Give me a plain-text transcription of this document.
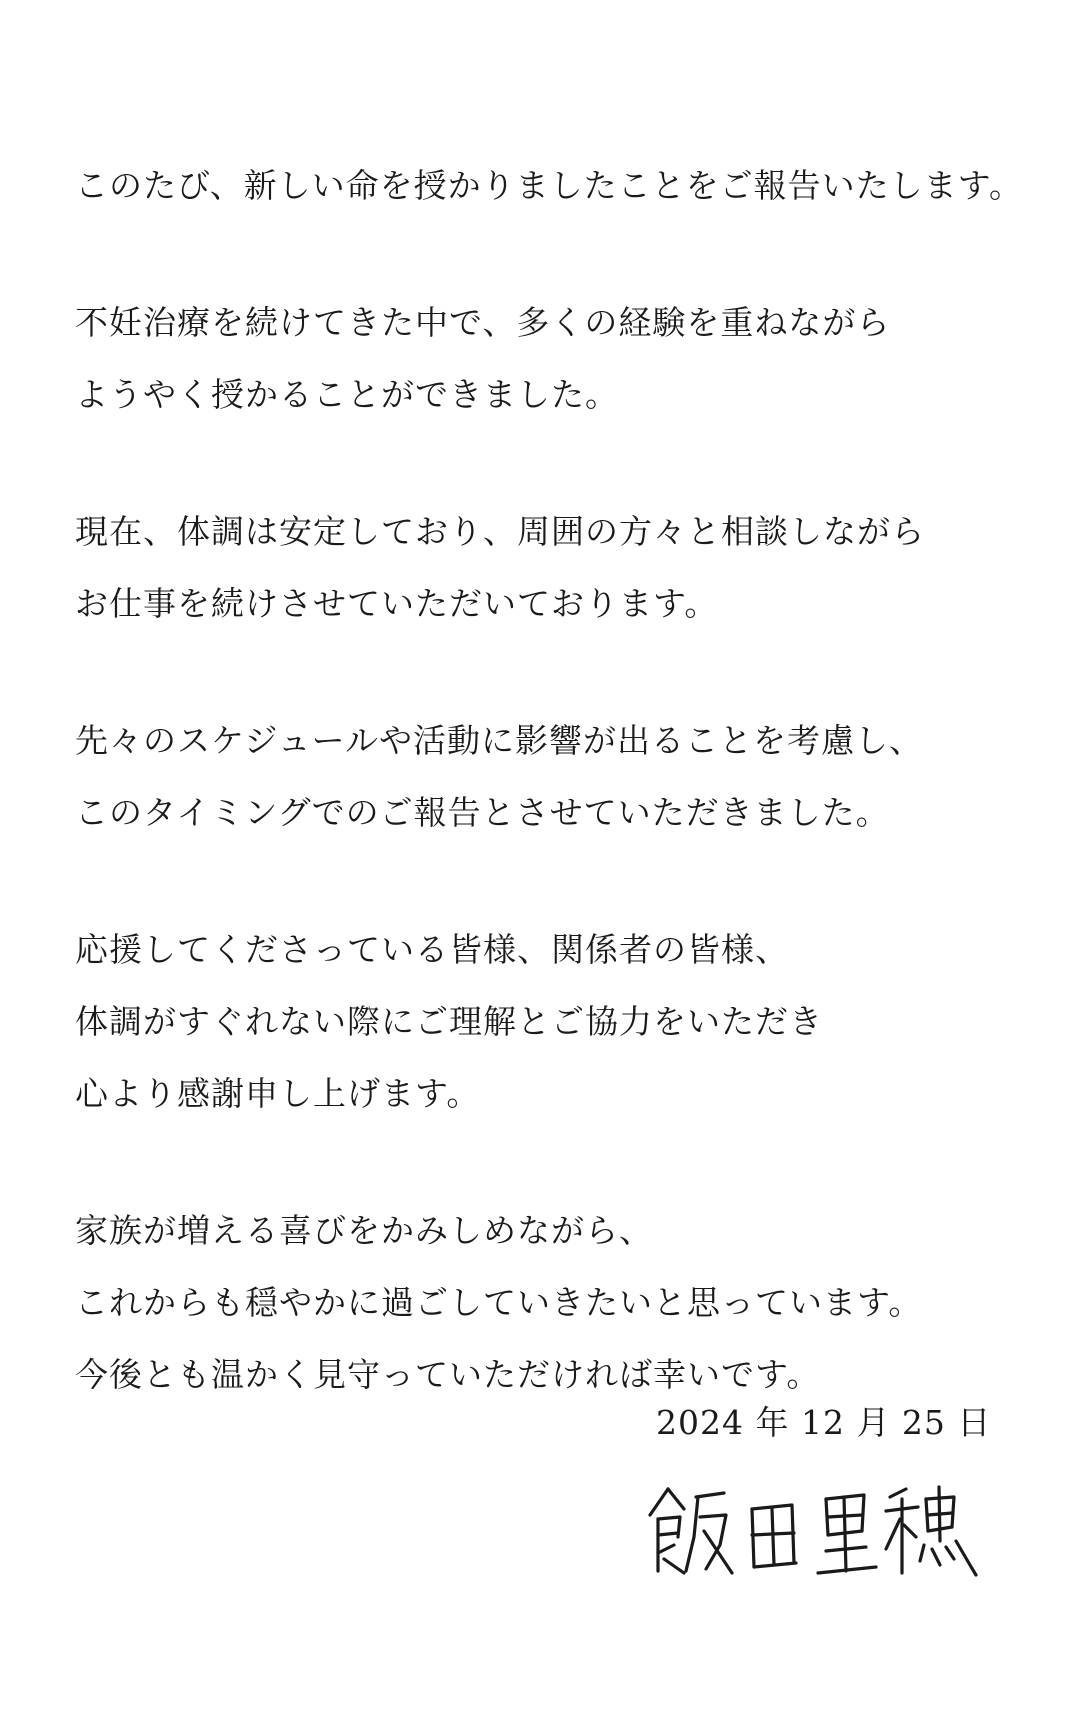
このたび、新しい命を授かりましたことをご報告いたします。
不妊治療を続けてきた中で、多くの経験を重ねながら
ようやく授かることができました。
現在、体調は安定しており、周囲の方々と相談しながら
お仕事を続けさせていただいております。
先々のスケジュールや活動に影響が出ることを考慮し、
このタイミングでのご報告とさせていただきました。
応援してくださっている皆様、関係者の皆様、
体調がすぐれない際にご理解とご協力をいただき
心より感謝申し上げます。
家族が増える喜びをかみしめながら、
これからも穏やかに過ごしていきたいと思っています。
今後とも温かく見守っていただければ幸いです。
2024 年 12 月 25 日
